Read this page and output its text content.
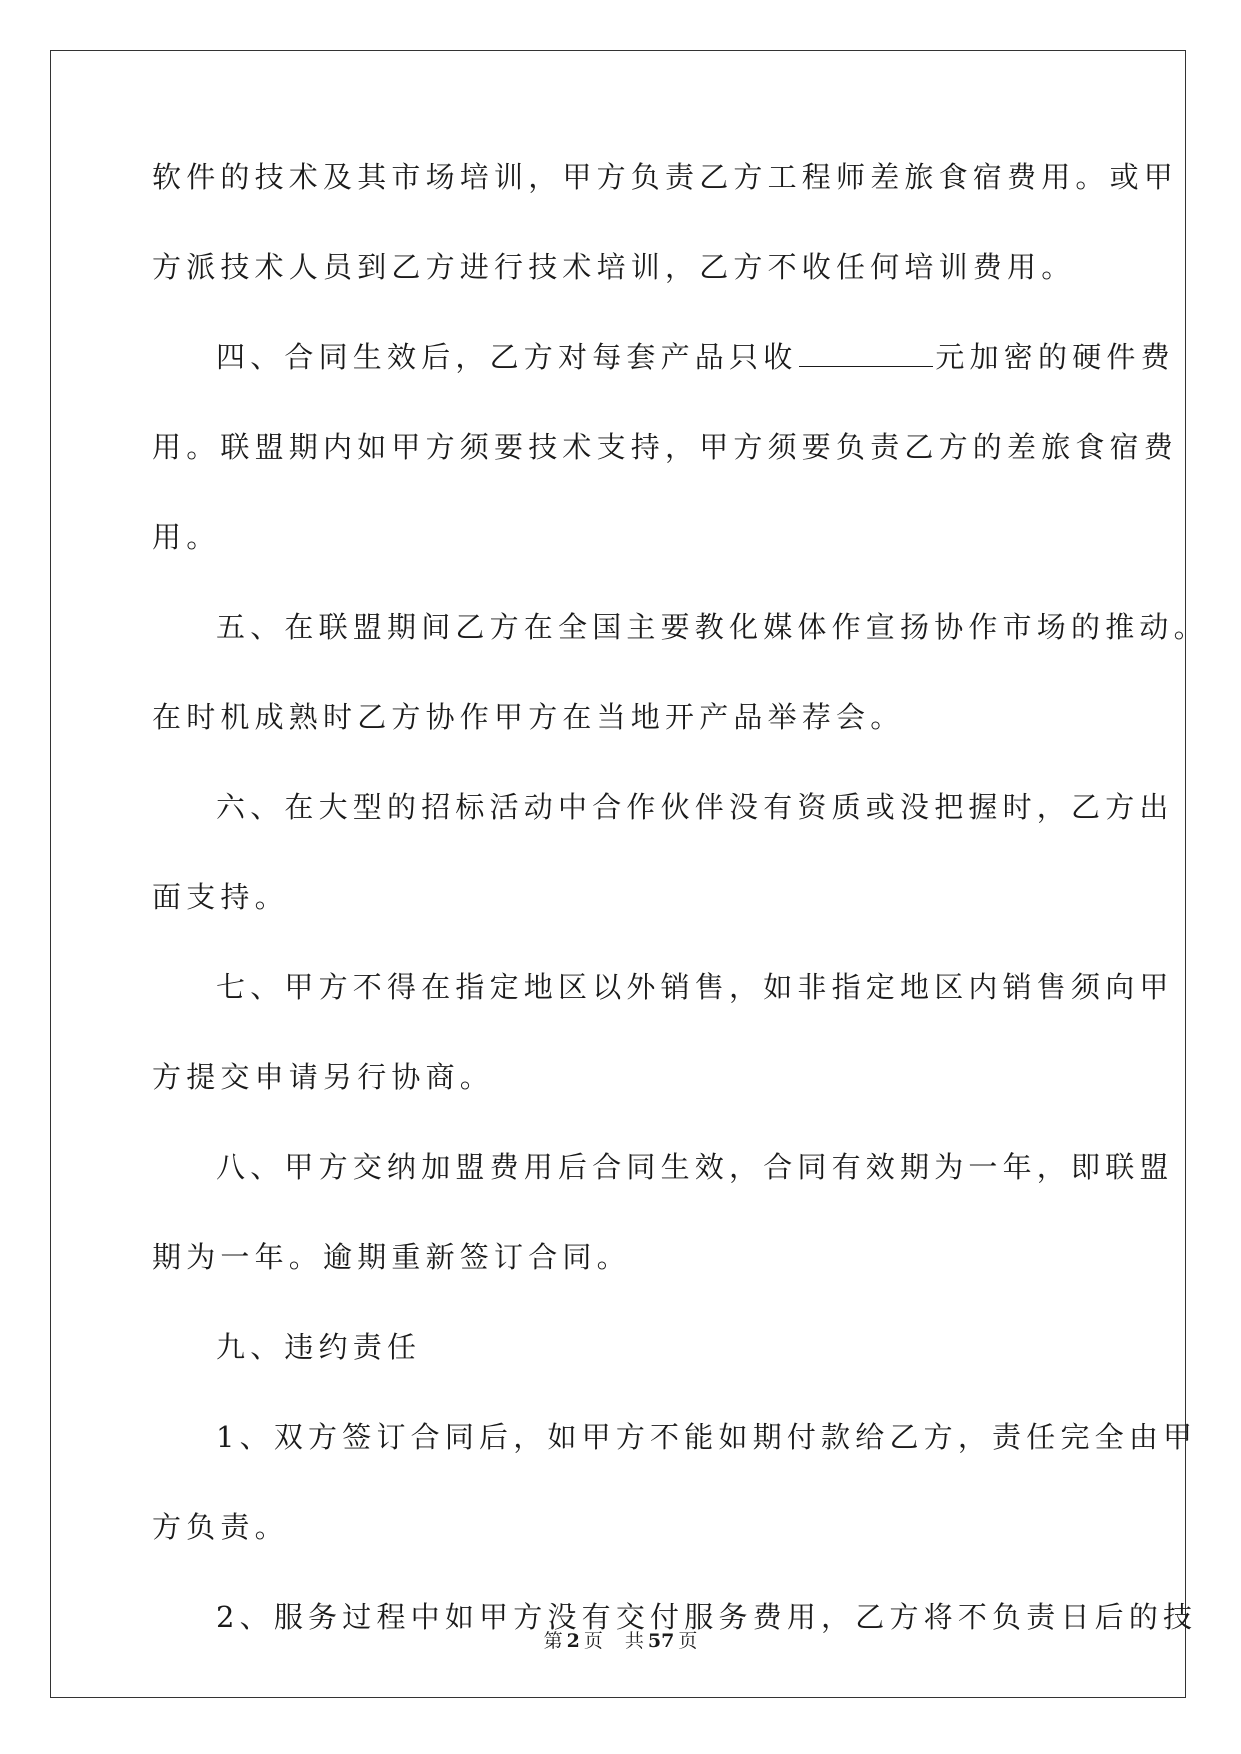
软件的技术及其市场培训，甲方负责乙方工程师差旅食宿费用。或甲
方派技术人员到乙方进行技术培训，乙方不收任何培训费用。
四、合同生效后，乙方对每套产品只收	元加密的硬件费
用。联盟期内如甲方须要技术支持，甲方须要负责乙方的差旅食宿费
用。
五、在联盟期间乙方在全国主要教化媒体作宣扬协作市场的推动。
在时机成熟时乙方协作甲方在当地开产品举荐会。
六、在大型的招标活动中合作伙伴没有资质或没把握时，乙方出
面支持。
七、甲方不得在指定地区以外销售，如非指定地区内销售须向甲
方提交申请另行协商。
八、甲方交纳加盟费用后合同生效，合同有效期为一年，即联盟
期为一年。逾期重新签订合同。
九、违约责任
1、双方签订合同后，如甲方不能如期付款给乙方，责任完全由甲
方负责。
2、服务过程中如甲方没有交付服务费用，乙方将不负责日后的技
第 2 页 共 57 页
